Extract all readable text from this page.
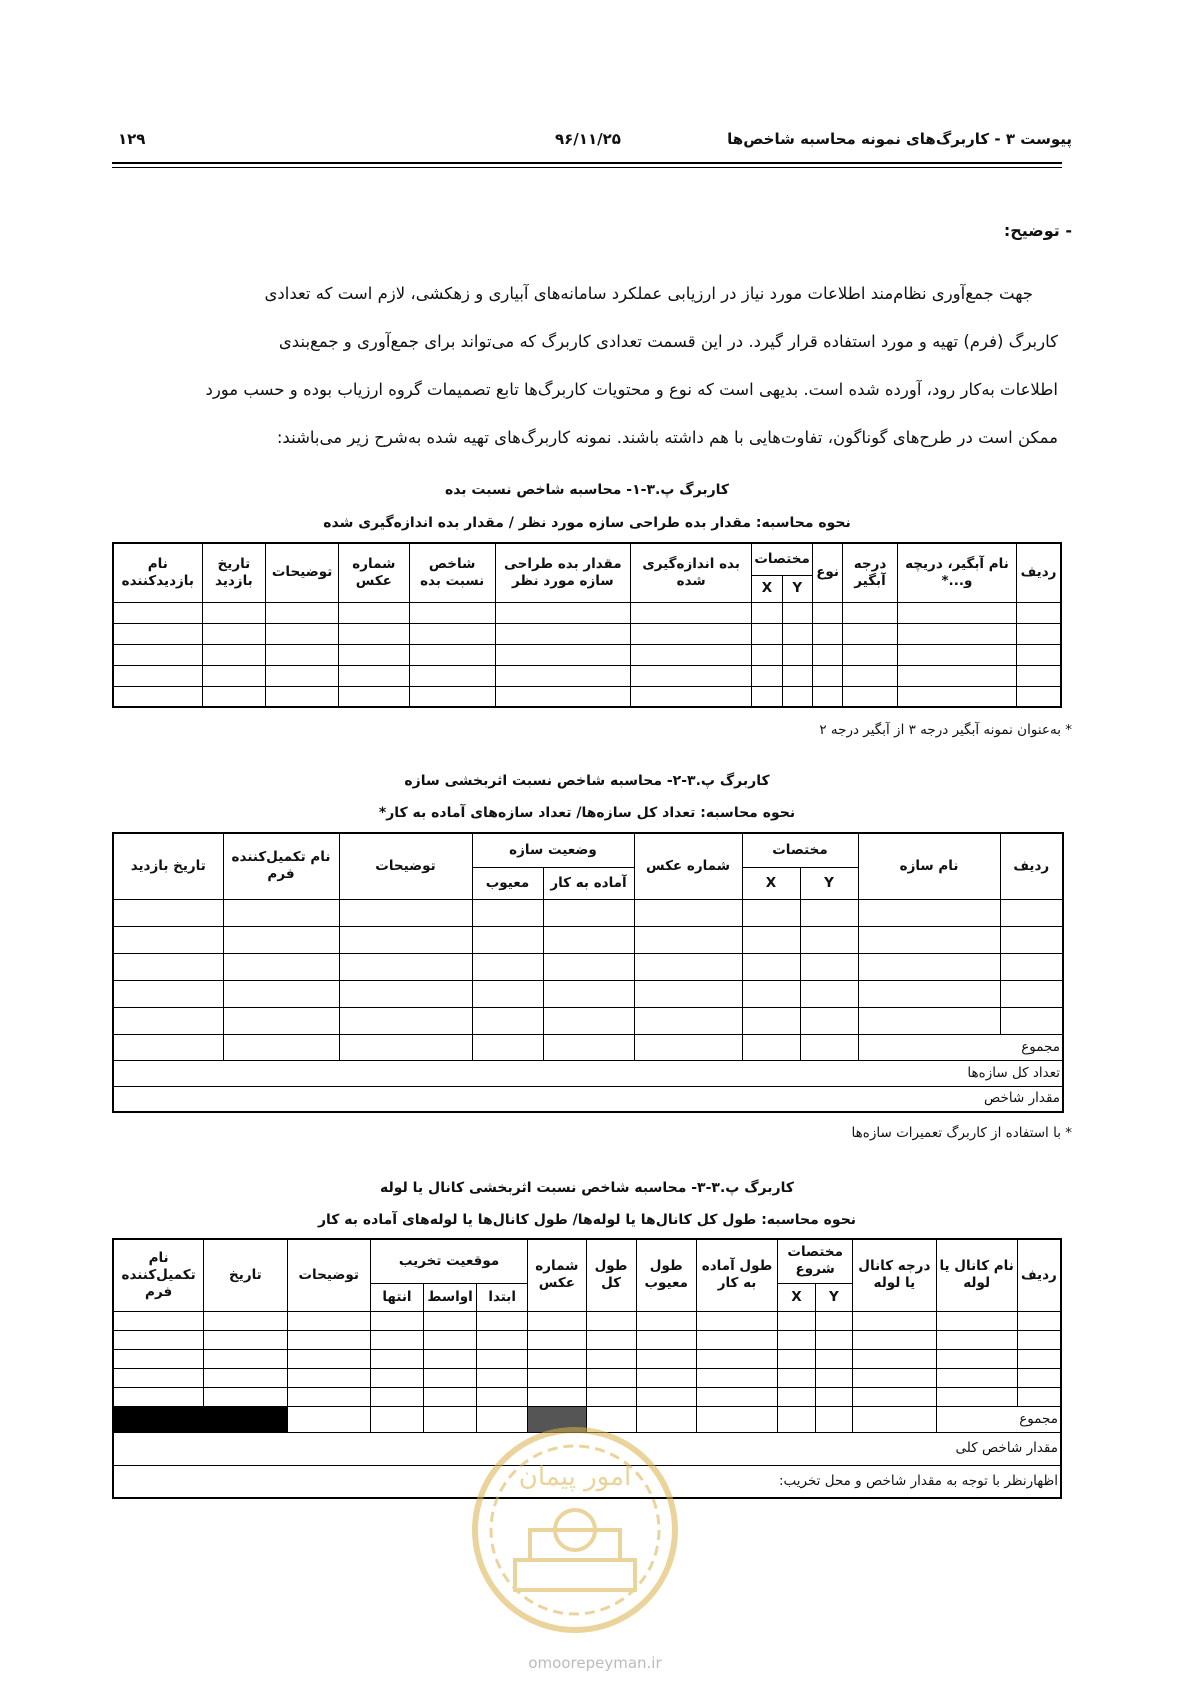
پیوست ۳ - کاربرگ‌های نمونه محاسبه شاخص‌ها
۹۶/۱۱/۲۵
۱۲۹
- توضیح:

جهت جمع‌آوری نظام‌مند اطلاعات مورد نیاز در ارزیابی عملکرد سامانه‌های آبیاری و زهکشی، لازم است که تعدادی

کاربرگ (فرم) تهیه و مورد استفاده قرار گیرد. در این قسمت تعدادی کاربرگ که می‌تواند برای جمع‌آوری و جمع‌بندی

اطلاعات به‌کار رود، آورده شده است. بدیهی است که نوع و محتویات کاربرگ‌ها تابع تصمیمات گروه ارزیاب بوده و حسب مورد

ممکن است در طرح‌های گوناگون، تفاوت‌هایی با هم داشته باشند. نمونه کاربرگ‌های تهیه شده به‌شرح زیر می‌باشند:

کاربرگ پ.۳-۱- محاسبه شاخص نسبت بده
نحوه محاسبه: مقدار بده طراحی سازه مورد نظر / مقدار بده اندازه‌گیری شده
ردیف	نام آبگیر، دریچه و...*	درجه آبگیر	نوع	مختصات		بده اندازه‌گیری شده	مقدار بده طراحی سازه مورد نظر	شاخص نسبت بده	شماره عکس	توضیحات	تاریخ بازدید	نام بازدیدکننده
				Y	X							

* به‌عنوان نمونه آبگیر درجه ۳ از آبگیر درجه ۲
کاربرگ پ.۳-۲- محاسبه شاخص نسبت اثربخشی سازه
نحوه محاسبه: تعداد کل سازه‌ها/ تعداد سازه‌های آماده به کار*
ردیف	نام سازه	مختصات		شماره عکس	وضعیت سازه		توضیحات	نام تکمیل‌کننده فرم	تاریخ بازدید
		Y	X		آماده به کار	معیوب			

مجموع									
تعداد کل سازه‌ها									
مقدار شاخص									
* با استفاده از کاربرگ تعمیرات سازه‌ها
کاربرگ پ.۳-۳- محاسبه شاخص نسبت اثربخشی کانال یا لوله
نحوه محاسبه: طول کل کانال‌ها یا لوله‌ها/ طول کانال‌ها یا لوله‌های آماده به کار
ردیف	نام کانال یا لوله	درجه کانال یا لوله	مختصات شروع		طول آماده به کار	طول معیوب	طول کل	شماره عکس	موقعیت تخریب			توضیحات	تاریخ	نام تکمیل‌کننده فرم
			Y	X					ابتدا	اواسط	انتها			

مجموع														
مقدار شاخص کلی														
اظهارنظر با توجه به مقدار شاخص و محل تخریب:														
امور پیمان
omoorepeyman.ir
